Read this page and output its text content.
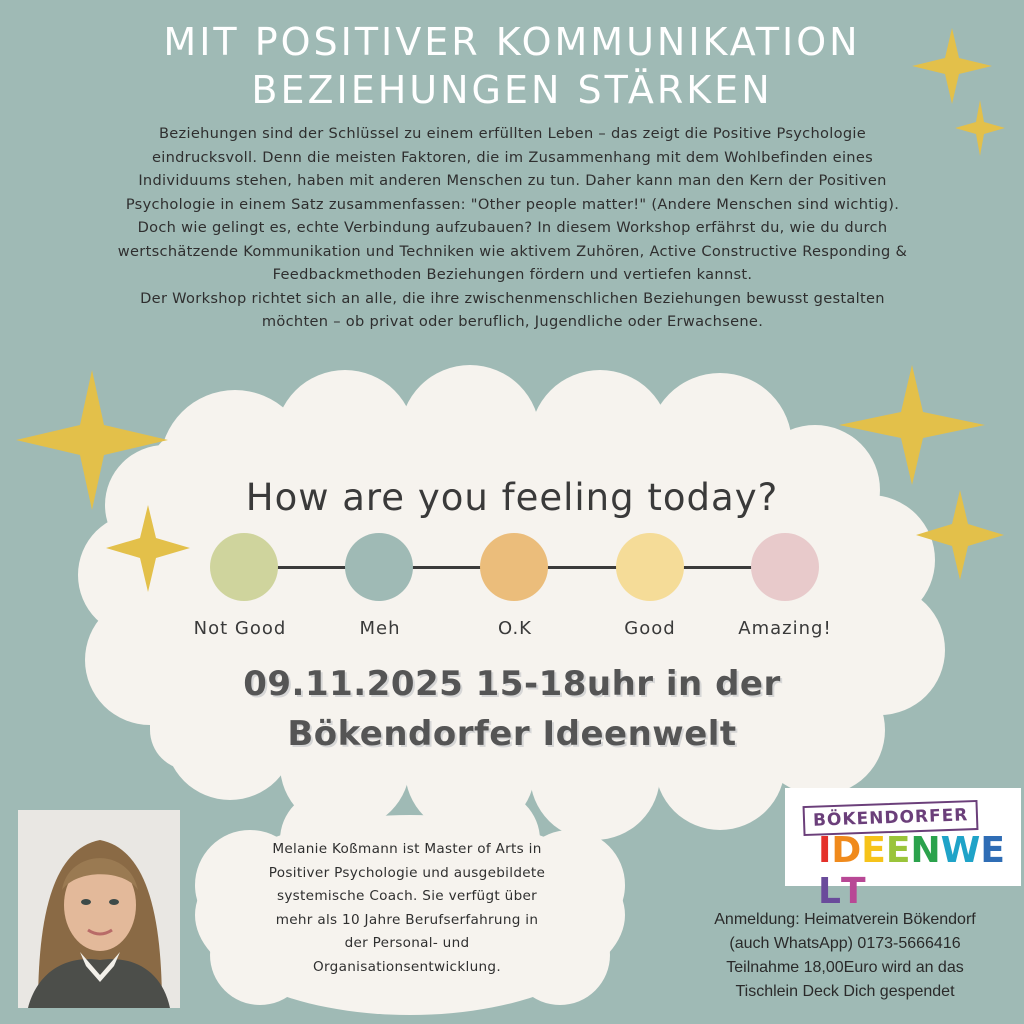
MIT POSITIVER KOMMUNIKATION
BEZIEHUNGEN STÄRKEN

Beziehungen sind der Schlüssel zu einem erfüllten Leben – das zeigt die Positive Psychologie

eindrucksvoll. Denn die meisten Faktoren, die im Zusammenhang mit dem Wohlbefinden eines

Individuums stehen, haben mit anderen Menschen zu tun. Daher kann man den Kern der Positiven

Psychologie in einem Satz zusammenfassen: "Other people matter!" (Andere Menschen sind wichtig).

Doch wie gelingt es, echte Verbindung aufzubauen? In diesem Workshop erfährst du, wie du durch

wertschätzende Kommunikation und Techniken wie aktivem Zuhören, Active Constructive Responding &

Feedbackmethoden Beziehungen fördern und vertiefen kannst.

Der Workshop richtet sich an alle, die ihre zwischenmenschlichen Beziehungen bewusst gestalten

möchten – ob privat oder beruflich, Jugendliche oder Erwachsene.

How are you feeling today?
Not Good	Meh	O.K	Good	Amazing!
09.11.2025 15-18uhr in der
Bökendorfer Ideenwelt
Melanie Koßmann ist Master of Arts in
Positiver Psychologie und ausgebildete
systemische Coach. Sie verfügt über
mehr als 10 Jahre Berufserfahrung in
der Personal- und
Organisationsentwicklung.
BÖKENDORFER
IDEENWELT
Anmeldung: Heimatverein Bökendorf
(auch WhatsApp) 0173-5666416
Teilnahme 18,00Euro wird an das
Tischlein Deck Dich gespendet
